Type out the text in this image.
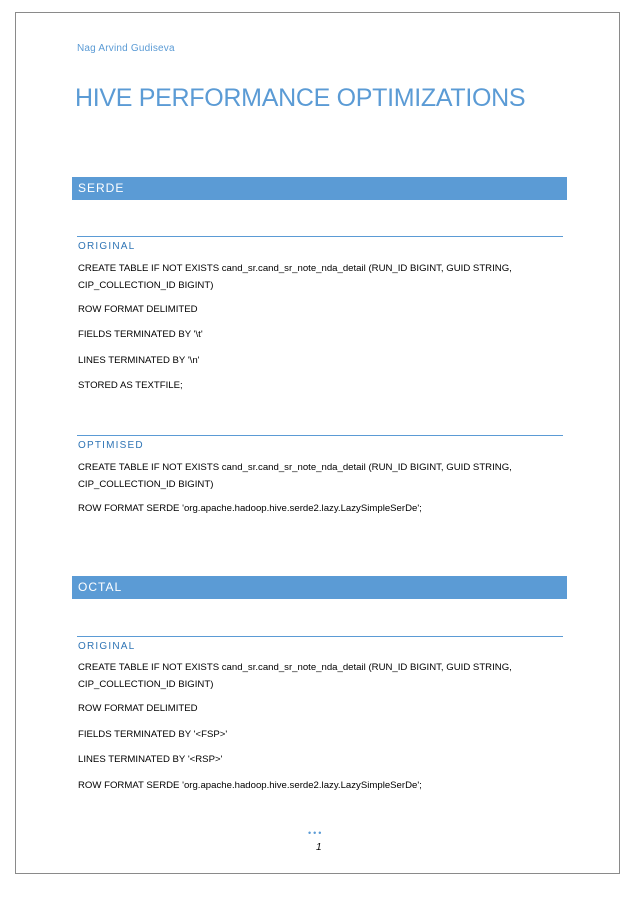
Nag Arvind Gudiseva
HIVE PERFORMANCE OPTIMIZATIONS
SERDE
ORIGINAL
CREATE TABLE IF NOT EXISTS cand_sr.cand_sr_note_nda_detail (RUN_ID BIGINT, GUID STRING,
CIP_COLLECTION_ID BIGINT)
ROW FORMAT DELIMITED
FIELDS TERMINATED BY '\t'
LINES TERMINATED BY '\n'
STORED AS TEXTFILE;
OPTIMISED
CREATE TABLE IF NOT EXISTS cand_sr.cand_sr_note_nda_detail (RUN_ID BIGINT, GUID STRING,
CIP_COLLECTION_ID BIGINT)
ROW FORMAT SERDE 'org.apache.hadoop.hive.serde2.lazy.LazySimpleSerDe';
OCTAL
ORIGINAL
CREATE TABLE IF NOT EXISTS cand_sr.cand_sr_note_nda_detail (RUN_ID BIGINT, GUID STRING,
CIP_COLLECTION_ID BIGINT)
ROW FORMAT DELIMITED
FIELDS TERMINATED BY '<FSP>'
LINES TERMINATED BY '<RSP>'
ROW FORMAT SERDE 'org.apache.hadoop.hive.serde2.lazy.LazySimpleSerDe';
•••
1
